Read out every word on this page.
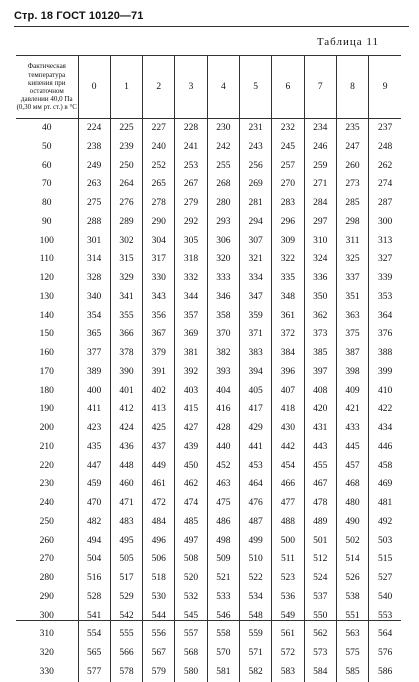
Стр. 18 ГОСТ 10120—71
Таблица 11
Фактическая температура кипения при остаточном давлении 40,0 Па (0,30 мм рт. ст.) в °С	0	1	2	3	4	5	6	7	8	9
40	224	225	227	228	230	231	232	234	235	237
50	238	239	240	241	242	243	245	246	247	248
60	249	250	252	253	255	256	257	259	260	262
70	263	264	265	267	268	269	270	271	273	274
80	275	276	278	279	280	281	283	284	285	287
90	288	289	290	292	293	294	296	297	298	300
100	301	302	304	305	306	307	309	310	311	313
110	314	315	317	318	320	321	322	324	325	327
120	328	329	330	332	333	334	335	336	337	339
130	340	341	343	344	346	347	348	350	351	353
140	354	355	356	357	358	359	361	362	363	364
150	365	366	367	369	370	371	372	373	375	376
160	377	378	379	381	382	383	384	385	387	388
170	389	390	391	392	393	394	396	397	398	399
180	400	401	402	403	404	405	407	408	409	410
190	411	412	413	415	416	417	418	420	421	422
200	423	424	425	427	428	429	430	431	433	434
210	435	436	437	439	440	441	442	443	445	446
220	447	448	449	450	452	453	454	455	457	458
230	459	460	461	462	463	464	466	467	468	469
240	470	471	472	474	475	476	477	478	480	481
250	482	483	484	485	486	487	488	489	490	492
260	494	495	496	497	498	499	500	501	502	503
270	504	505	506	508	509	510	511	512	514	515
280	516	517	518	520	521	522	523	524	526	527
290	528	529	530	532	533	534	536	537	538	540
300	541	542	544	545	546	548	549	550	551	553
310	554	555	556	557	558	559	561	562	563	564
320	565	566	567	568	570	571	572	573	575	576
330	577	578	579	580	581	582	583	584	585	586
